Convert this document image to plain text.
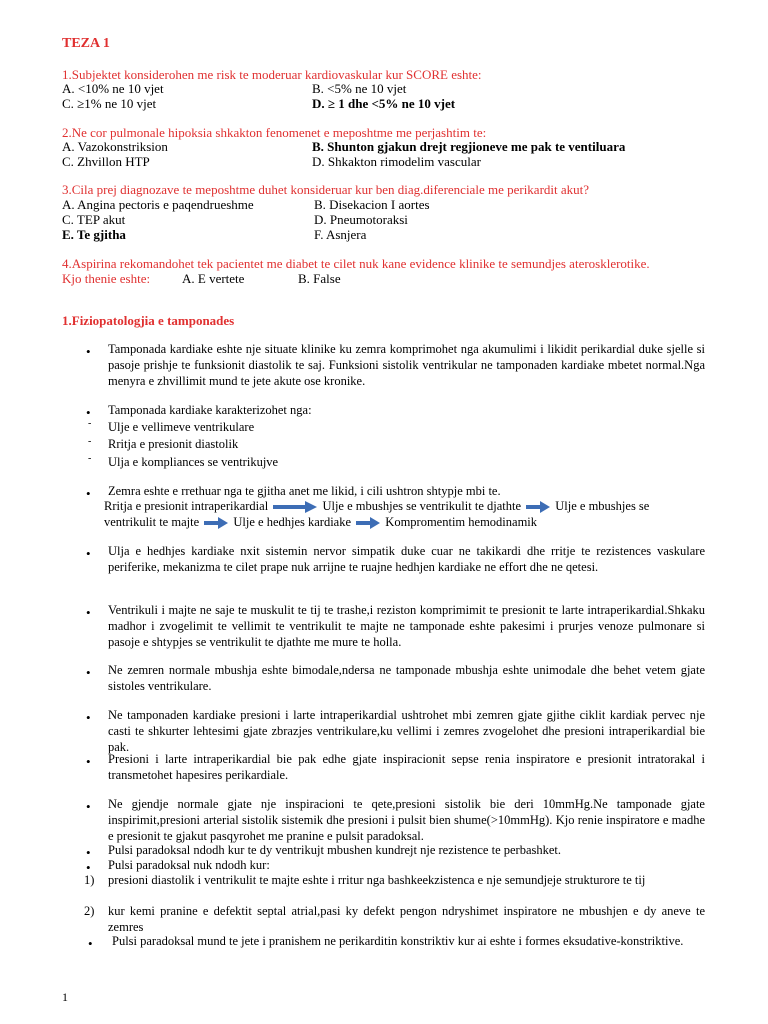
TEZA 1
1.Subjektet konsiderohen me risk te moderuar kardiovaskular kur SCORE eshte:
A. <10% ne 10 vjet	B. <5% ne 10 vjet
C. ≥1% ne 10 vjet	D. ≥ 1 dhe <5% ne 10 vjet
2.Ne cor pulmonale hipoksia shkakton fenomenet e meposhtme me perjashtim te:
A. Vazokonstriksion	B. Shunton gjakun drejt regjioneve me pak te ventiluara
C. Zhvillon HTP	D. Shkakton rimodelim vascular
3.Cila prej diagnozave te meposhtme duhet konsideruar kur ben diag.diferenciale me perikardit akut?
A. Angina pectoris e paqendrueshme	B. Disekacion I aortes
C. TEP akut	D. Pneumotoraksi
E. Te gjitha	F. Asnjera
4.Aspirina rekomandohet tek pacientet me diabet te cilet nuk kane evidence klinike te semundjes aterosklerotike.
Kjo thenie eshte: A. E vertete	B. False
1.Fiziopatologjia e tamponades
• Tamponada kardiake eshte nje situate klinike ku zemra komprimohet nga akumulimi i likidit perikardial duke sjelle si pasoje prishje te funksionit diastolik te saj. Funksioni sistolik ventrikular ne tamponaden kardiake mbetet normal.Nga menyra e zhvillimit mund te jete akute ose kronike.
• Tamponada kardiake karakterizohet nga:
- Ulje e vellimeve ventrikulare
- Rritja e presionit diastolik
- Ulja e kompliances se ventrikujve
• Zemra eshte e rrethuar nga te gjitha anet me likid, i cili ushtron shtypje mbi te.
Rritja e presionit intraperikardial	Ulje e mbushjes se ventrikulit te djathte	Ulje e mbushjes se
ventrikulit te majte	Ulje e hedhjes kardiake	Kompromentim hemodinamik
• Ulja e hedhjes kardiake nxit sistemin nervor simpatik duke cuar ne takikardi dhe rritje te rezistences vaskulare periferike, mekanizma te cilet prape nuk arrijne te ruajne hedhjen kardiake ne effort dhe ne qetesi.
• Ventrikuli i majte ne saje te muskulit te tij te trashe,i reziston komprimimit te presionit te larte intraperikardial.Shkaku madhor i zvogelimit te vellimit te ventrikulit te majte ne tamponade eshte pakesimi i prurjes venoze pulmonare si pasoje e shtypjes se ventrikulit te djathte me mure te holla.
• Ne zemren normale mbushja eshte bimodale,ndersa ne tamponade mbushja eshte unimodale dhe behet vetem gjate sistoles ventrikulare.
• Ne tamponaden kardiake presioni i larte intraperikardial ushtrohet mbi zemren gjate gjithe ciklit kardiak pervec nje casti te shkurter lehtesimi gjate zbrazjes ventrikulare,ku vellimi i zemres zvogelohet dhe presioni intraperikardial bie pak.
• Presioni i larte intraperikardial bie pak edhe gjate inspiracionit sepse renia inspiratore e presionit intratorakal i transmetohet hapesires perikardiale.
• Ne gjendje normale gjate nje inspiracioni te qete,presioni sistolik bie deri 10mmHg.Ne tamponade gjate inspirimit,presioni arterial sistolik sistemik dhe presioni i pulsit bien shume(>10mmHg). Kjo renie inspiratore e madhe e presionit te gjakut pasqyrohet me pranine e pulsit paradoksal.
• Pulsi paradoksal ndodh kur te dy ventrikujt mbushen kundrejt nje rezistence te perbashket.
• Pulsi paradoksal nuk ndodh kur:
1) presioni diastolik i ventrikulit te majte eshte i rritur nga bashkeekzistenca e nje semundjeje strukturore te tij
2) kur kemi pranine e defektit septal atrial,pasi ky defekt pengon ndryshimet inspiratore ne mbushjen e dy aneve te zemres
• Pulsi paradoksal mund te jete i pranishem ne perikarditin konstriktiv kur ai eshte i formes eksudative-konstriktive.
1
